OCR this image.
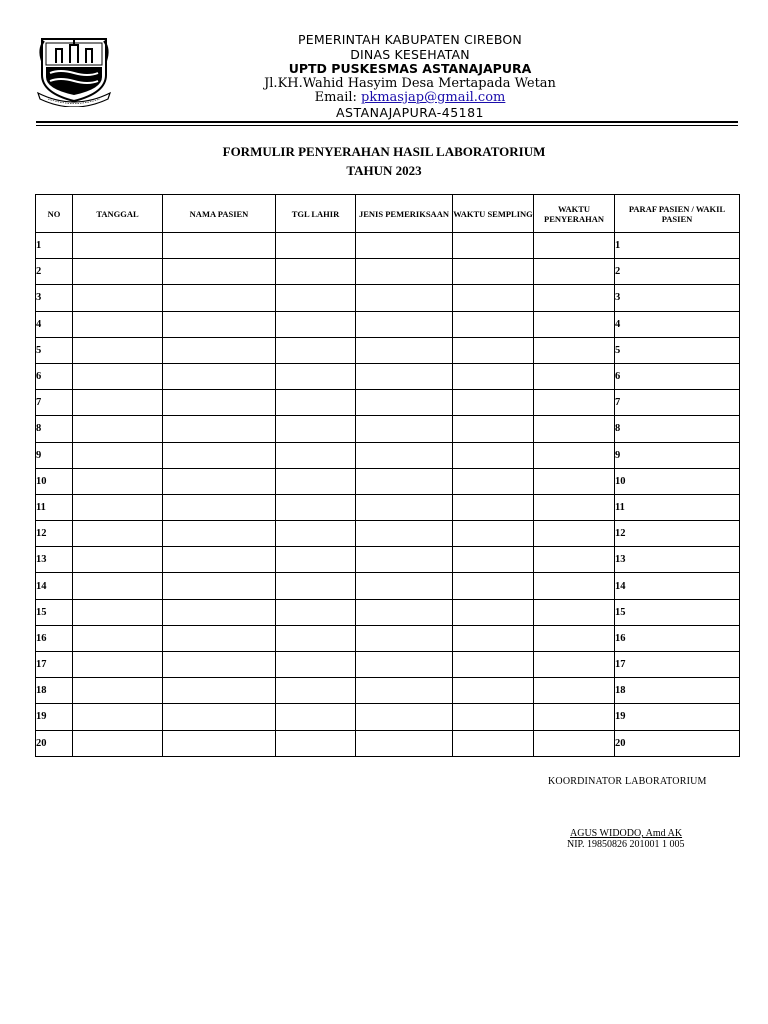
PEMERINTAH KABUPATEN CIREBON
DINAS KESEHATAN
UPTD PUSKESMAS ASTANAJAPURA
Jl.KH.Wahid Hasyim Desa Mertapada Wetan
Email: pkmasjap@gmail.com
ASTANAJAPURA-45181
FORMULIR PENYERAHAN HASIL LABORATORIUM
TAHUN 2023
NO	TANGGAL	NAMA PASIEN	TGL LAHIR	JENIS PEMERIKSAAN	WAKTU SEMPLING	WAKTU PENYERAHAN	PARAF PASIEN / WAKIL PASIEN
1							1
2							2
3							3
4							4
5							5
6							6
7							7
8							8
9							9
10							10
11							11
12							12
13							13
14							14
15							15
16							16
17							17
18							18
19							19
20							20
KOORDINATOR LABORATORIUM
AGUS WIDODO, Amd AK
NIP. 19850826 201001 1 005
